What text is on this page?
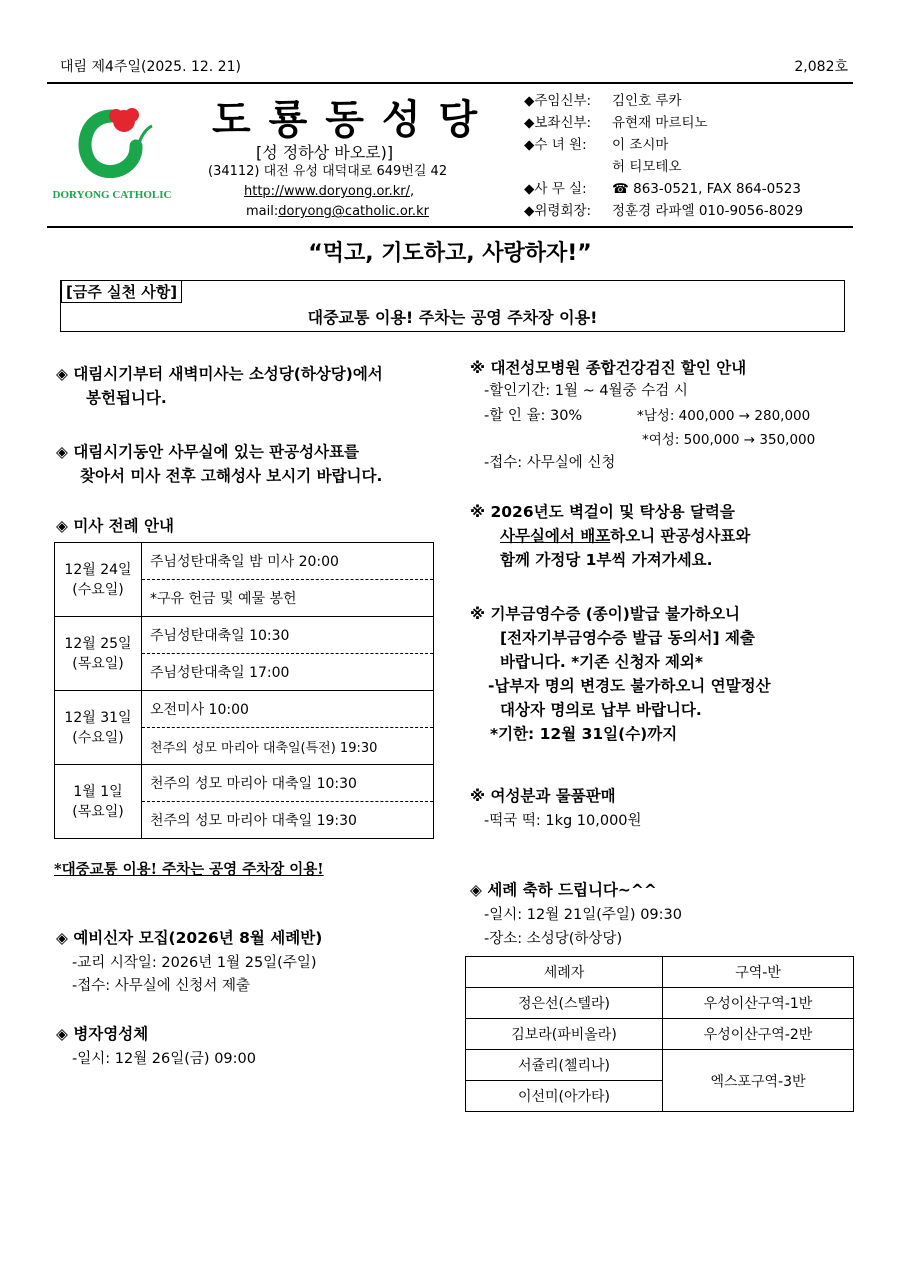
대림 제4주일(2025. 12. 21)	2,082호
DORYONG CATHOLIC
도룡동성당
[성 정하상 바오로)]
(34112) 대전 유성 대덕대로 649번길 42
http://www.doryong.or.kr/,
mail:doryong@catholic.or.kr
◆주임신부: 김인호 루카
◆보좌신부: 유현재 마르티노
◆수 녀 원: 이 조시마
허 티모테오
◆사 무 실: ☎ 863-0521, FAX 864-0523
◆위령회장: 정훈경 라파엘 010-9056-8029
“먹고, 기도하고, 사랑하자!”
[금주 실천 사항]
대중교통 이용! 주차는 공영 주차장 이용!
◈ 대림시기부터 새벽미사는 소성당(하상당)에서
봉헌됩니다.
◈ 대림시기동안 사무실에 있는 판공성사표를
찾아서 미사 전후 고해성사 보시기 바랍니다.
◈ 미사 전례 안내
12월 24일
(수요일)	주님성탄대축일 밤 미사 20:00
	*구유 헌금 및 예물 봉헌

12월 25일
(목요일)	주님성탄대축일 10:30
	주님성탄대축일 17:00

12월 31일
(수요일)	오전미사 10:00
	천주의 성모 마리아 대축일(특전) 19:30

1월 1일
(목요일)	천주의 성모 마리아 대축일 10:30
	천주의 성모 마리아 대축일 19:30
*대중교통 이용! 주차는 공영 주차장 이용!
◈ 예비신자 모집(2026년 8월 세례반)
-교리 시작일: 2026년 1월 25일(주일)
-접수: 사무실에 신청서 제출
◈ 병자영성체
-일시: 12월 26일(금) 09:00
※ 대전성모병원 종합건강검진 할인 안내
-할인기간: 1월 ~ 4월중 수검 시
-할 인 율: 30%	*남성: 400,000 → 280,000
*여성: 500,000 → 350,000
-접수: 사무실에 신청
※ 2026년도 벽걸이 및 탁상용 달력을
사무실에서 배포하오니 판공성사표와
함께 가정당 1부씩 가져가세요.
※ 기부금영수증 (종이)발급 불가하오니
[전자기부금영수증 발급 동의서] 제출
바랍니다. *기존 신청자 제외*
-납부자 명의 변경도 불가하오니 연말정산
대상자 명의로 납부 바랍니다.
*기한: 12월 31일(수)까지
※ 여성분과 물품판매
-떡국 떡: 1kg 10,000원
◈ 세례 축하 드립니다~^^
-일시: 12월 21일(주일) 09:30
-장소: 소성당(하상당)
세례자	구역-반
정은선(스텔라)	우성이산구역-1반
김보라(파비올라)	우성이산구역-2반
서쥴리(첼리나)	엑스포구역-3반
이선미(아가타)	
